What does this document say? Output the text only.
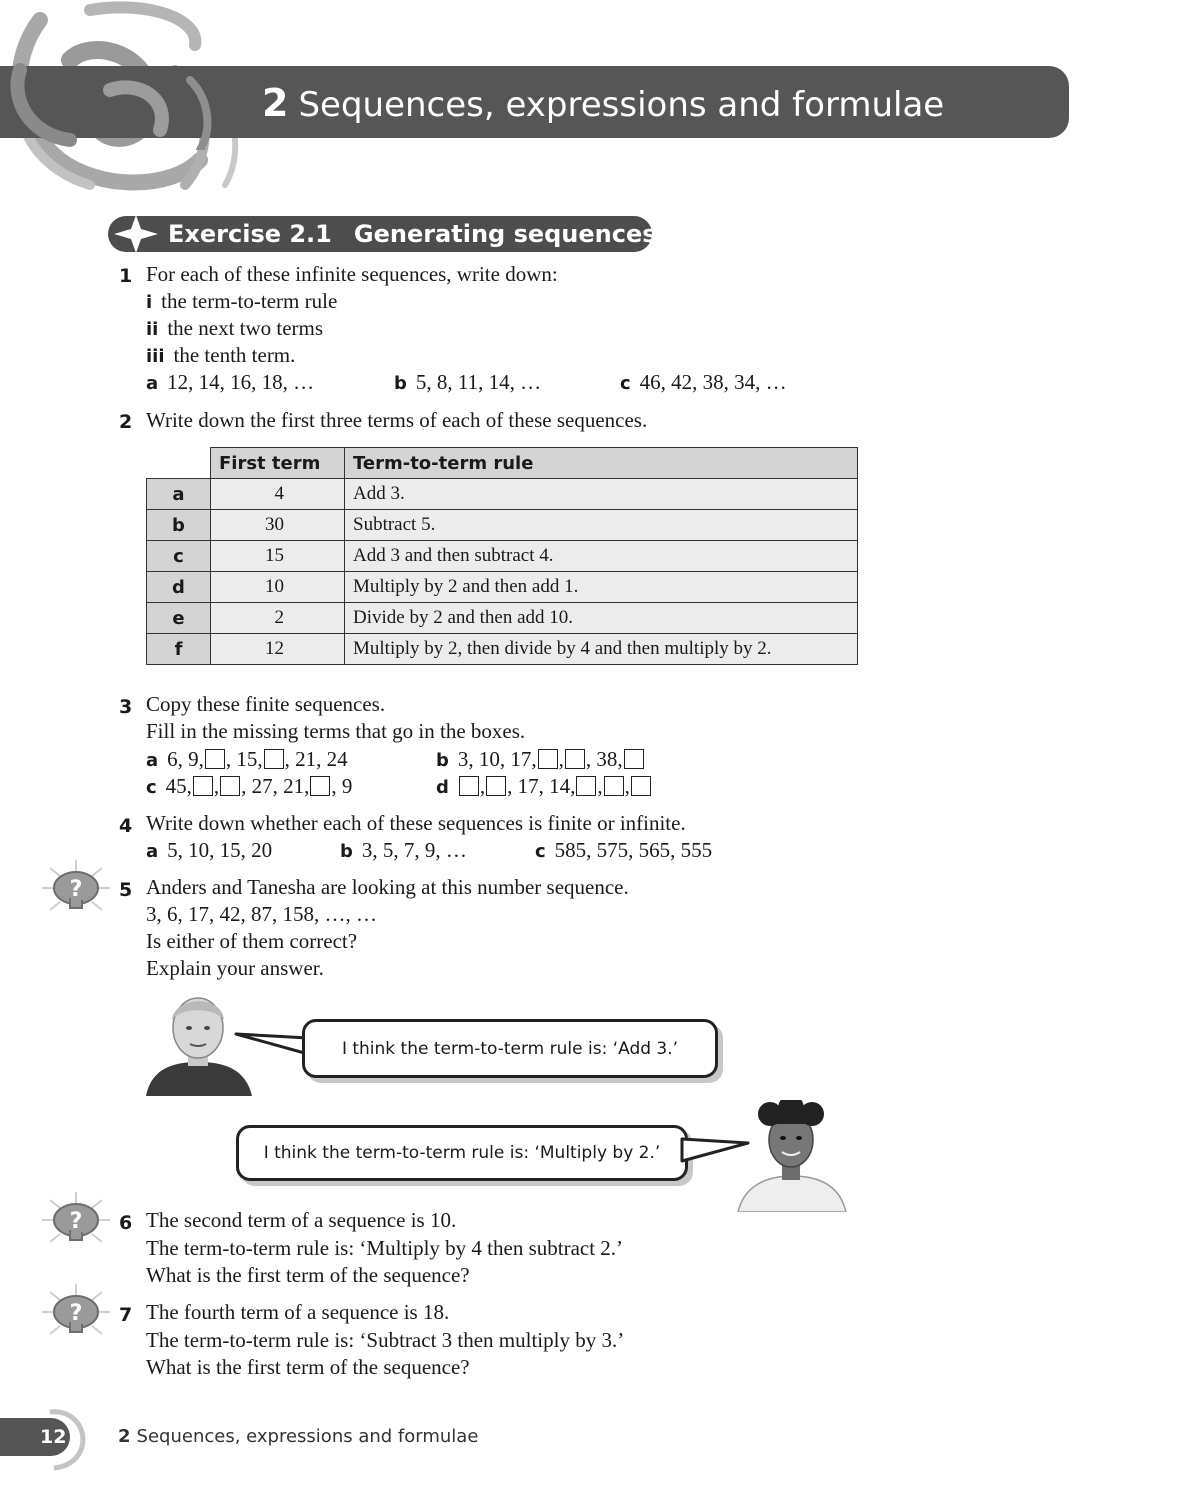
2 Sequences, expressions and formulae
Exercise 2.1 Generating sequences (1)
1 For each of these infinite sequences, write down:
i the term-to-term rule
ii the next two terms
iii the tenth term.
a 12, 14, 16, 18, …	b 5, 8, 11, 14, …	c 46, 42, 38, 34, …
2 Write down the first three terms of each of these sequences.
	First term	Term-to-term rule
a	4	Add 3.
b	30	Subtract 5.
c	15	Add 3 and then subtract 4.
d	10	Multiply by 2 and then add 1.
e	2	Divide by 2 and then add 10.
f	12	Multiply by 2, then divide by 4 and then multiply by 2.
3 Copy these finite sequences.
Fill in the missing terms that go in the boxes.
a 6, 9, , 15, , 21, 24	b 3, 10, 17, , , 38,
c 45, , , 27, 21, , 9	d , , 17, 14, , ,
4 Write down whether each of these sequences is finite or infinite.
a 5, 10, 15, 20	b 3, 5, 7, 9, …	c 585, 575, 565, 555
?
?
?
5 Anders and Tanesha are looking at this number sequence.
3, 6, 17, 42, 87, 158, …, …
Is either of them correct?
Explain your answer.
I think the term-to-term rule is: ‘Add 3.’
I think the term-to-term rule is: ‘Multiply by 2.’
6 The second term of a sequence is 10.
The term-to-term rule is: ‘Multiply by 4 then subtract 2.’
What is the first term of the sequence?
7 The fourth term of a sequence is 18.
The term-to-term rule is: ‘Subtract 3 then multiply by 3.’
What is the first term of the sequence?
12	2 Sequences, expressions and formulae
